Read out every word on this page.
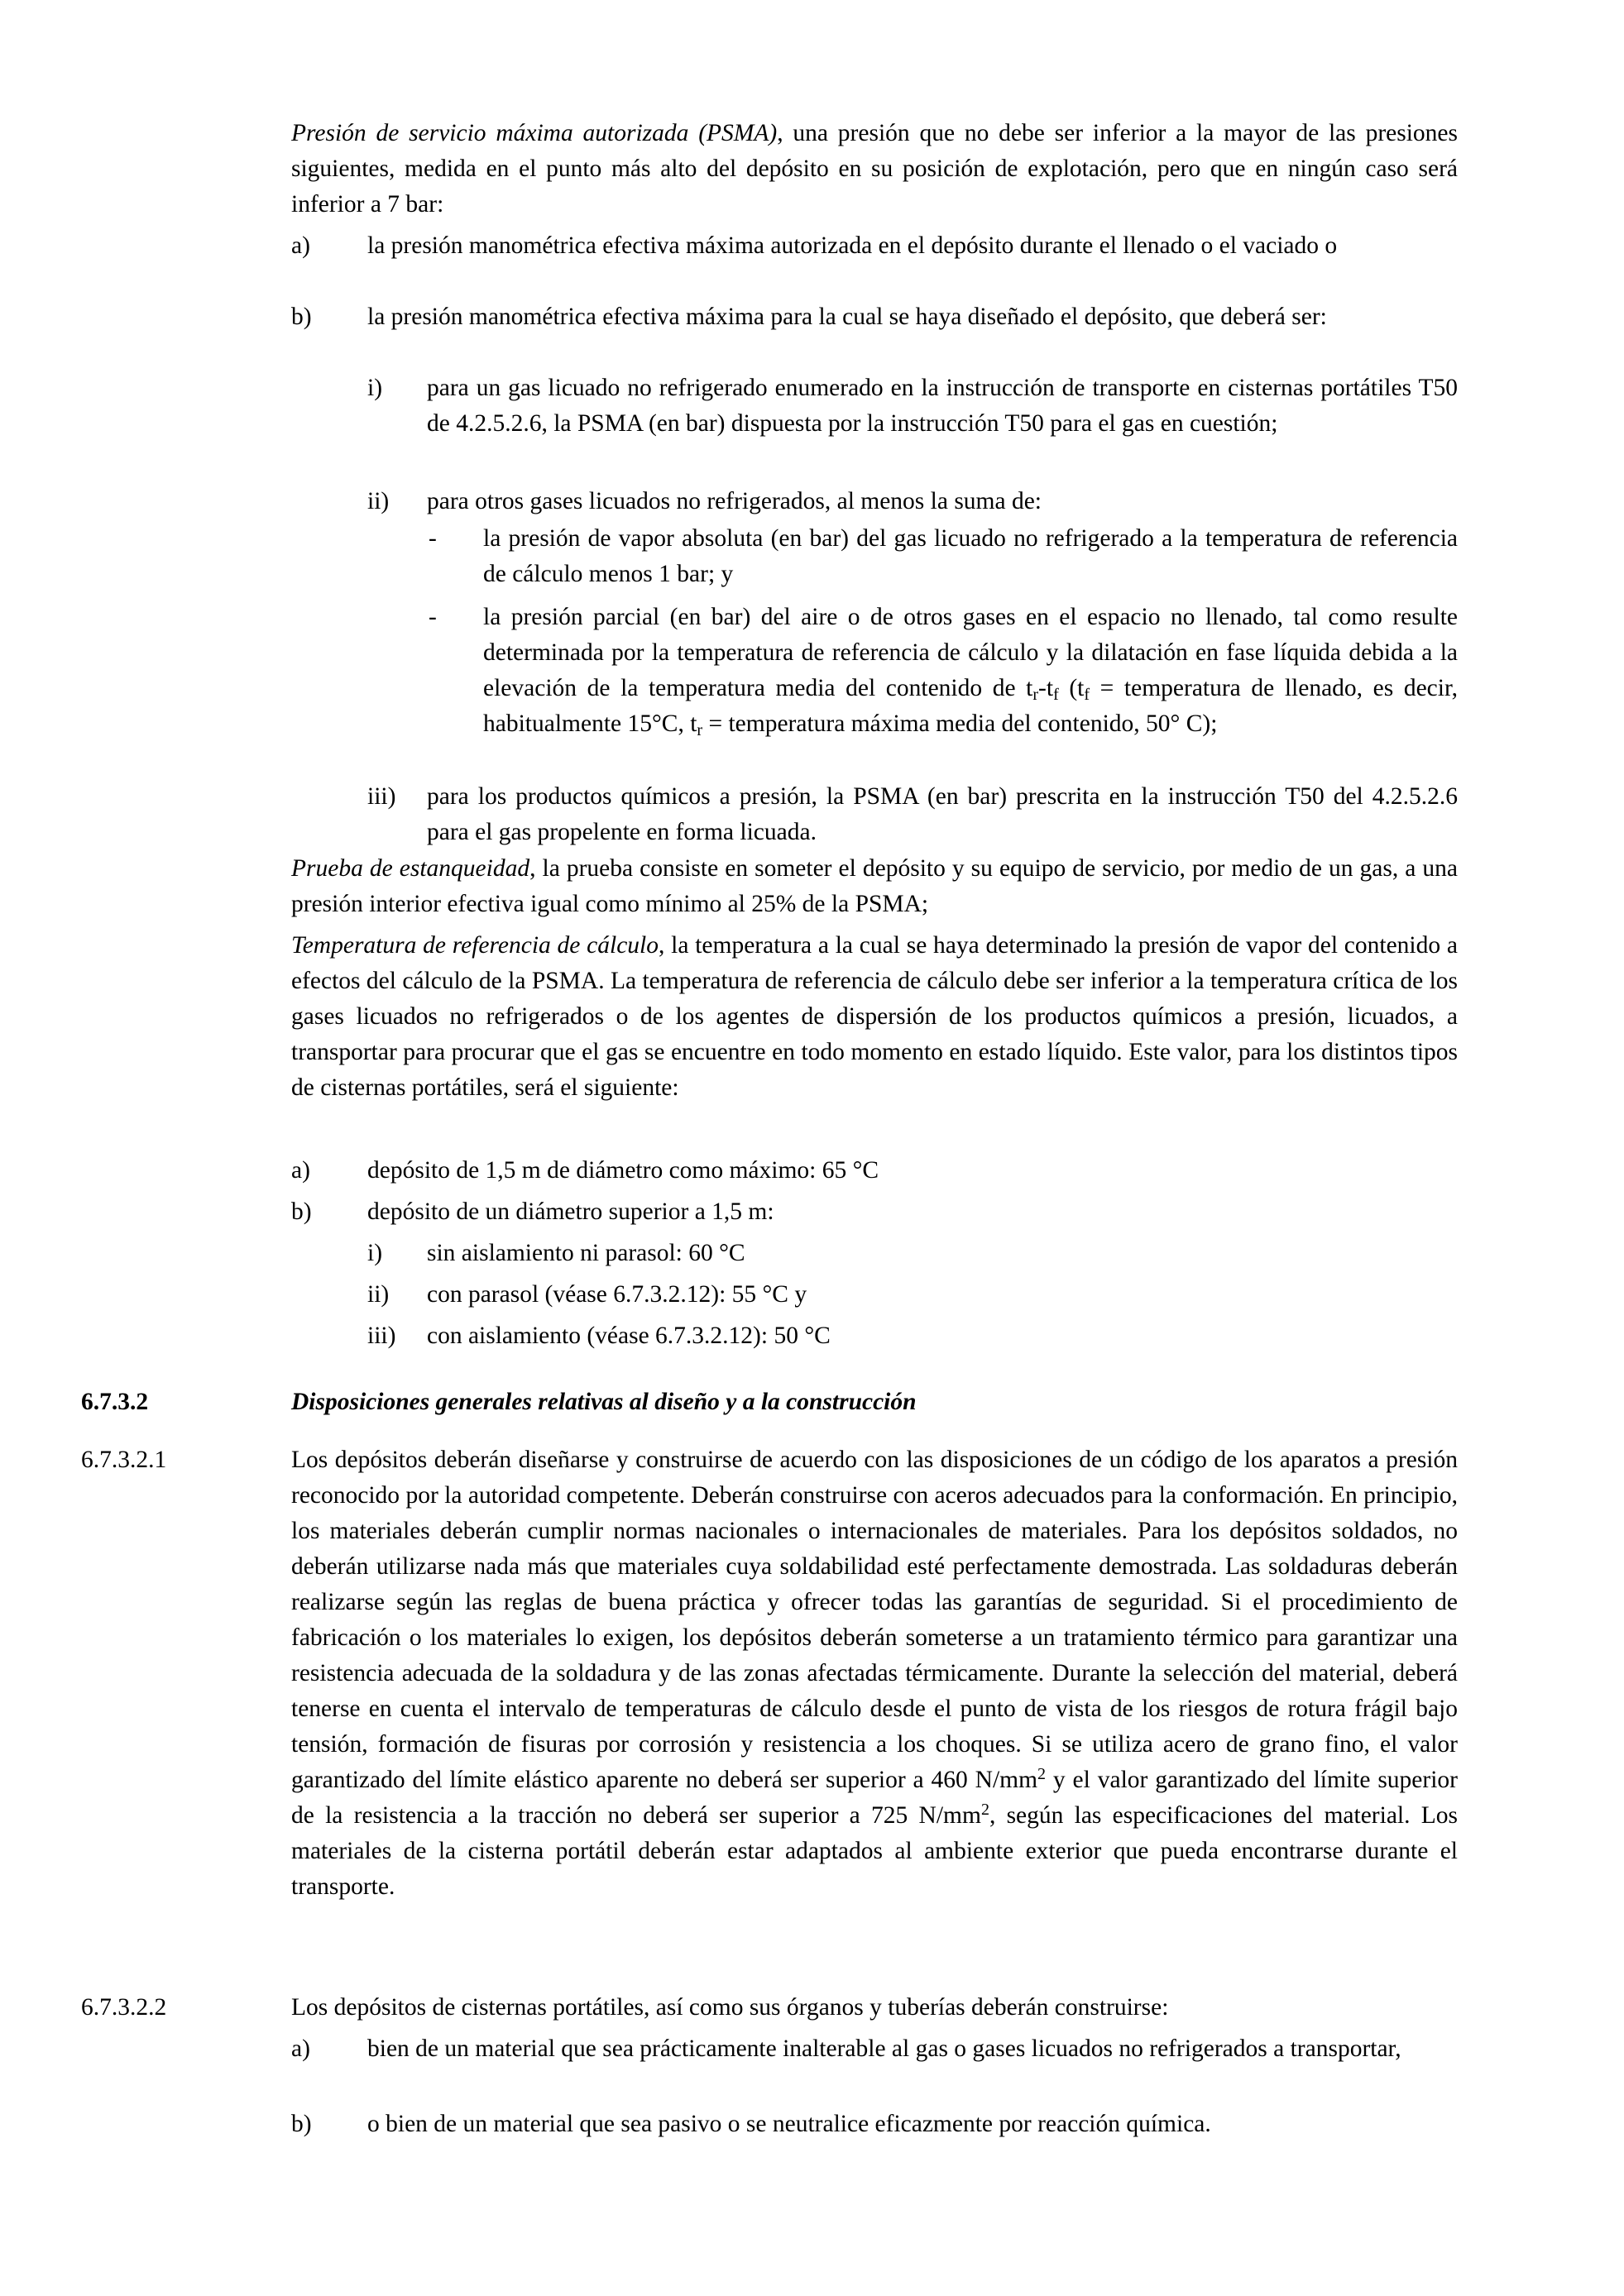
Presión de servicio máxima autorizada (PSMA), una presión que no debe ser inferior a la mayor de las presiones siguientes, medida en el punto más alto del depósito en su posición de explotación, pero que en ningún caso será inferior a 7 bar:
a) la presión manométrica efectiva máxima autorizada en el depósito durante el llenado o el vaciado o
b) la presión manométrica efectiva máxima para la cual se haya diseñado el depósito, que deberá ser:
i) para un gas licuado no refrigerado enumerado en la instrucción de transporte en cisternas portátiles T50 de 4.2.5.2.6, la PSMA (en bar) dispuesta por la instrucción T50 para el gas en cuestión;
ii) para otros gases licuados no refrigerados, al menos la suma de:
- la presión de vapor absoluta (en bar) del gas licuado no refrigerado a la temperatura de referencia de cálculo menos 1 bar; y
- la presión parcial (en bar) del aire o de otros gases en el espacio no llenado, tal como resulte determinada por la temperatura de referencia de cálculo y la dilatación en fase líquida debida a la elevación de la temperatura media del contenido de $t_r-t_f$ ($t_f$ = temperatura de llenado, es decir, habitualmente 15°C, $t_r$ = temperatura máxima media del contenido, 50° C);
iii) para los productos químicos a presión, la PSMA (en bar) prescrita en la instrucción T50 del 4.2.5.2.6 para el gas propelente en forma licuada.
Prueba de estanqueidad, la prueba consiste en someter el depósito y su equipo de servicio, por medio de un gas, a una presión interior efectiva igual como mínimo al 25% de la PSMA;
Temperatura de referencia de cálculo, la temperatura a la cual se haya determinado la presión de vapor del contenido a efectos del cálculo de la PSMA. La temperatura de referencia de cálculo debe ser inferior a la temperatura crítica de los gases licuados no refrigerados o de los agentes de dispersión de los productos químicos a presión, licuados, a transportar para procurar que el gas se encuentre en todo momento en estado líquido. Este valor, para los distintos tipos de cisternas portátiles, será el siguiente:
a) depósito de 1,5 m de diámetro como máximo: 65 °C
b) depósito de un diámetro superior a 1,5 m:
i) sin aislamiento ni parasol: 60 °C
ii) con parasol (véase 6.7.3.2.12): 55 °C y
iii) con aislamiento (véase 6.7.3.2.12): 50 °C
6.7.3.2	Disposiciones generales relativas al diseño y a la construcción
6.7.3.2.1	Los depósitos deberán diseñarse y construirse de acuerdo con las disposiciones de un código de los aparatos a presión reconocido por la autoridad competente. Deberán construirse con aceros adecuados para la conformación. En principio, los materiales deberán cumplir normas nacionales o internacionales de materiales. Para los depósitos soldados, no deberán utilizarse nada más que materiales cuya soldabilidad esté perfectamente demostrada. Las soldaduras deberán realizarse según las reglas de buena práctica y ofrecer todas las garantías de seguridad. Si el procedimiento de fabricación o los materiales lo exigen, los depósitos deberán someterse a un tratamiento térmico para garantizar una resistencia adecuada de la soldadura y de las zonas afectadas térmicamente. Durante la selección del material, deberá tenerse en cuenta el intervalo de temperaturas de cálculo desde el punto de vista de los riesgos de rotura frágil bajo tensión, formación de fisuras por corrosión y resistencia a los choques. Si se utiliza acero de grano fino, el valor garantizado del límite elástico aparente no deberá ser superior a 460 $N/mm^2$ y el valor garantizado del límite superior de la resistencia a la tracción no deberá ser superior a 725 $N/mm^2$, según las especificaciones del material. Los materiales de la cisterna portátil deberán estar adaptados al ambiente exterior que pueda encontrarse durante el transporte.
6.7.3.2.2	Los depósitos de cisternas portátiles, así como sus órganos y tuberías deberán construirse:
a) bien de un material que sea prácticamente inalterable al gas o gases licuados no refrigerados a transportar,
b) o bien de un material que sea pasivo o se neutralice eficazmente por reacción química.
